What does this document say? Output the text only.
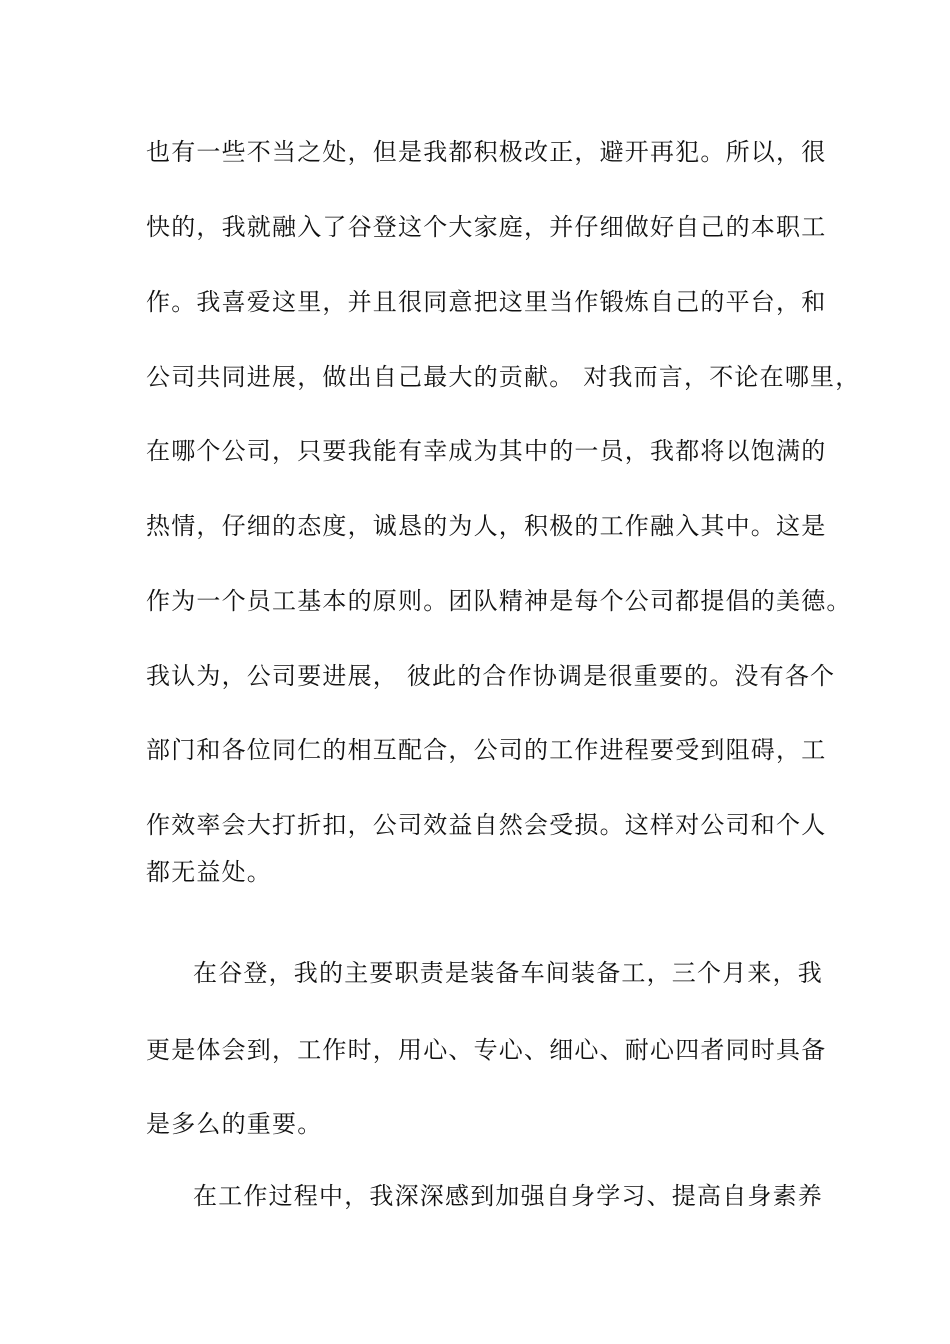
也有一些不当之处，但是我都积极改正，避开再犯。所以，很
快的，我就融入了谷登这个大家庭，并仔细做好自己的本职工
作。我喜爱这里，并且很同意把这里当作锻炼自己的平台，和
公司共同进展，做出自己最大的贡献。 对我而言，不论在哪里，
在哪个公司，只要我能有幸成为其中的一员，我都将以饱满的
热情，仔细的态度，诚恳的为人，积极的工作融入其中。这是
作为一个员工基本的原则。团队精神是每个公司都提倡的美德。
我认为，公司要进展， 彼此的合作协调是很重要的。没有各个
部门和各位同仁的相互配合，公司的工作进程要受到阻碍，工
作效率会大打折扣，公司效益自然会受损。这样对公司和个人
都无益处。
在谷登，我的主要职责是装备车间装备工，三个月来，我
更是体会到，工作时，用心、专心、细心、耐心四者同时具备
是多么的重要。
在工作过程中，我深深感到加强自身学习、提高自身素养
